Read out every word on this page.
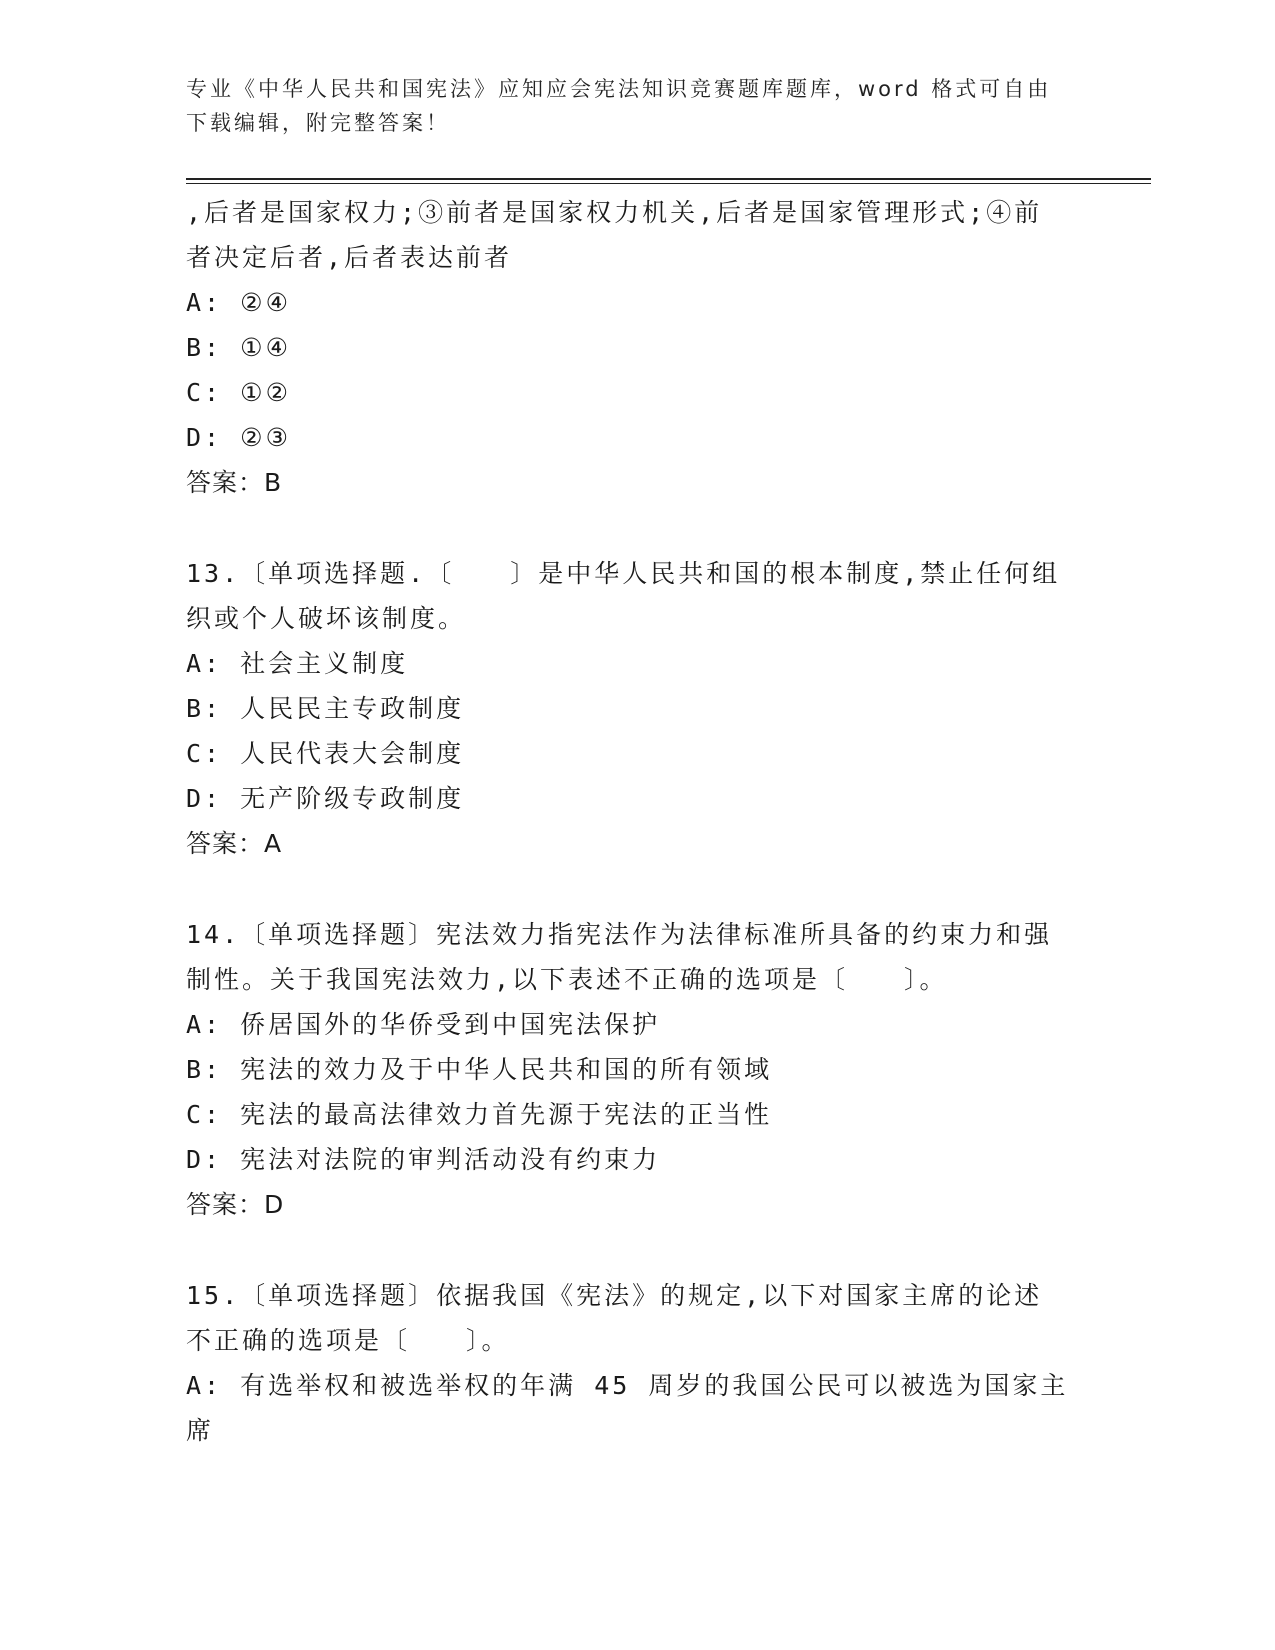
专业《中华人民共和国宪法》应知应会宪法知识竞赛题库题库，word 格式可自由
下载编辑，附完整答案！
,后者是国家权力;③前者是国家权力机关,后者是国家管理形式;④前
者决定后者,后者表达前者
A: ②④
B: ①④
C: ①②
D: ②③
答案：B
13.〔单项选择题.〔　　〕是中华人民共和国的根本制度,禁止任何组
织或个人破坏该制度。
A: 社会主义制度
B: 人民民主专政制度
C: 人民代表大会制度
D: 无产阶级专政制度
答案：A
14.〔单项选择题〕宪法效力指宪法作为法律标准所具备的约束力和强
制性。关于我国宪法效力,以下表述不正确的选项是〔　　〕。
A: 侨居国外的华侨受到中国宪法保护
B: 宪法的效力及于中华人民共和国的所有领域
C: 宪法的最高法律效力首先源于宪法的正当性
D: 宪法对法院的审判活动没有约束力
答案：D
15.〔单项选择题〕依据我国《宪法》的规定,以下对国家主席的论述
不正确的选项是〔　　〕。
A: 有选举权和被选举权的年满 45 周岁的我国公民可以被选为国家主
席
